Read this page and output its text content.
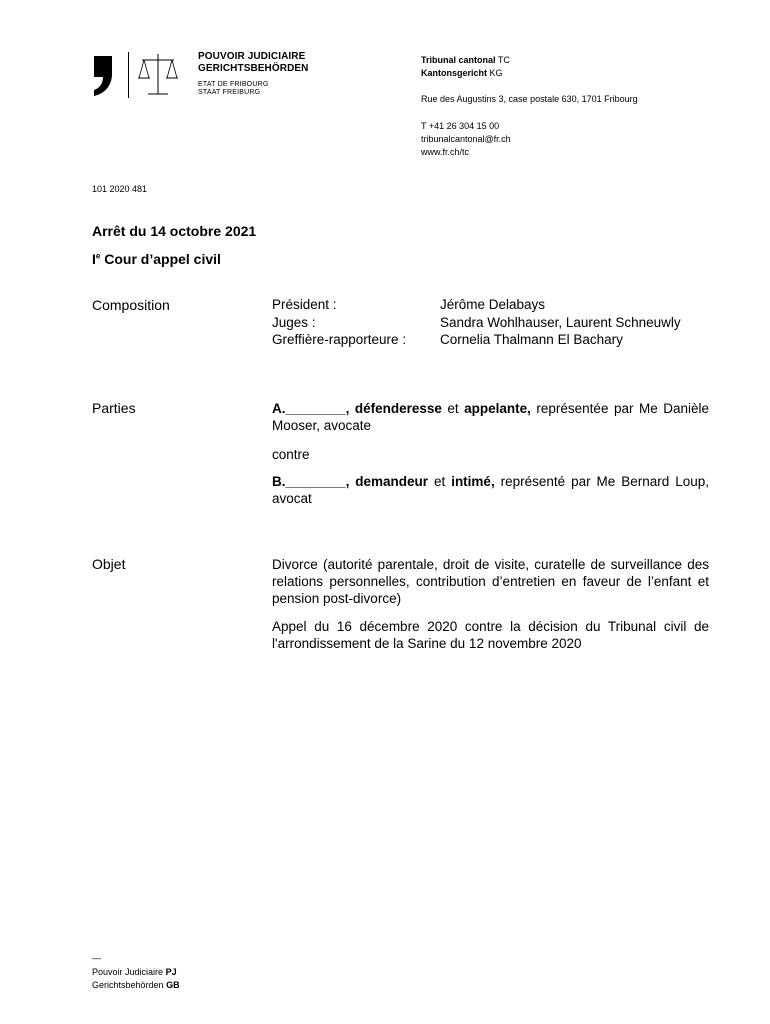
POUVOIR JUDICIAIRE
GERICHTSBEHÖRDEN
ETAT DE FRIBOURG
STAAT FREIBURG
Tribunal cantonal TC
Kantonsgericht KG
Rue des Augustins 3, case postale 630, 1701 Fribourg
T +41 26 304 15 00
tribunalcantonal@fr.ch
www.fr.ch/tc
101 2020 481
Arrêt du 14 octobre 2021
Ie Cour d’appel civil
Composition	Président :	Jérôme Delabays
Juges :	Sandra Wohlhauser, Laurent Schneuwly
Greffière-rapporteure :	Cornelia Thalmann El Bachary
Parties	A.________, défenderesse et appelante, représentée par Me Danièle Mooser, avocate

contre

B.________, demandeur et intimé, représenté par Me Bernard Loup, avocat

Objet	Divorce (autorité parentale, droit de visite, curatelle de surveillance des relations personnelles, contribution d’entretien en faveur de l’enfant et pension post-divorce)
Appel du 16 décembre 2020 contre la décision du Tribunal civil de l'arrondissement de la Sarine du 12 novembre 2020
—
Pouvoir Judiciaire PJ
Gerichtsbehörden GB
